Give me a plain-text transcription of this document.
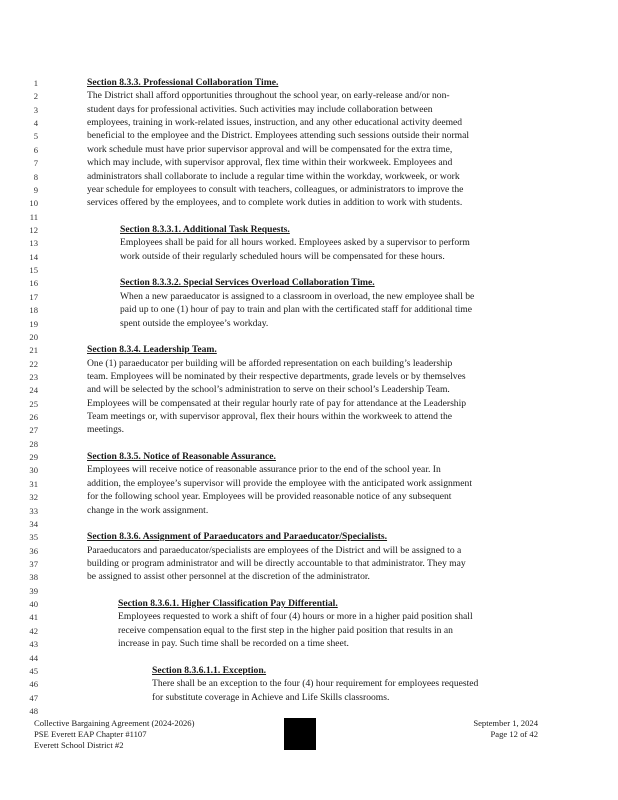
1	Section 8.3.3. Professional Collaboration Time.
2	The District shall afford opportunities throughout the school year, on early-release and/or non-
3	student days for professional activities. Such activities may include collaboration between
4	employees, training in work-related issues, instruction, and any other educational activity deemed
5	beneficial to the employee and the District. Employees attending such sessions outside their normal
6	work schedule must have prior supervisor approval and will be compensated for the extra time,
7	which may include, with supervisor approval, flex time within their workweek. Employees and
8	administrators shall collaborate to include a regular time within the workday, workweek, or work
9	year schedule for employees to consult with teachers, colleagues, or administrators to improve the
10	services offered by the employees, and to complete work duties in addition to work with students.
11
12	Section 8.3.3.1. Additional Task Requests.
13	Employees shall be paid for all hours worked. Employees asked by a supervisor to perform
14	work outside of their regularly scheduled hours will be compensated for these hours.
15
16	Section 8.3.3.2. Special Services Overload Collaboration Time.
17	When a new paraeducator is assigned to a classroom in overload, the new employee shall be
18	paid up to one (1) hour of pay to train and plan with the certificated staff for additional time
19	spent outside the employee’s workday.
20
21	Section 8.3.4. Leadership Team.
22	One (1) paraeducator per building will be afforded representation on each building’s leadership
23	team. Employees will be nominated by their respective departments, grade levels or by themselves
24	and will be selected by the school’s administration to serve on their school’s Leadership Team.
25	Employees will be compensated at their regular hourly rate of pay for attendance at the Leadership
26	Team meetings or, with supervisor approval, flex their hours within the workweek to attend the
27	meetings.
28
29	Section 8.3.5. Notice of Reasonable Assurance.
30	Employees will receive notice of reasonable assurance prior to the end of the school year. In
31	addition, the employee’s supervisor will provide the employee with the anticipated work assignment
32	for the following school year. Employees will be provided reasonable notice of any subsequent
33	change in the work assignment.
34
35	Section 8.3.6. Assignment of Paraeducators and Paraeducator/Specialists.
36	Paraeducators and paraeducator/specialists are employees of the District and will be assigned to a
37	building or program administrator and will be directly accountable to that administrator. They may
38	be assigned to assist other personnel at the discretion of the administrator.
39
40	Section 8.3.6.1. Higher Classification Pay Differential.
41	Employees requested to work a shift of four (4) hours or more in a higher paid position shall
42	receive compensation equal to the first step in the higher paid position that results in an
43	increase in pay. Such time shall be recorded on a time sheet.
44
45	Section 8.3.6.1.1. Exception.
46	There shall be an exception to the four (4) hour requirement for employees requested
47	for substitute coverage in Achieve and Life Skills classrooms.
48
Collective Bargaining Agreement (2024-2026)
PSE Everett EAP Chapter #1107
Everett School District #2
September 1, 2024
Page 12 of 42
